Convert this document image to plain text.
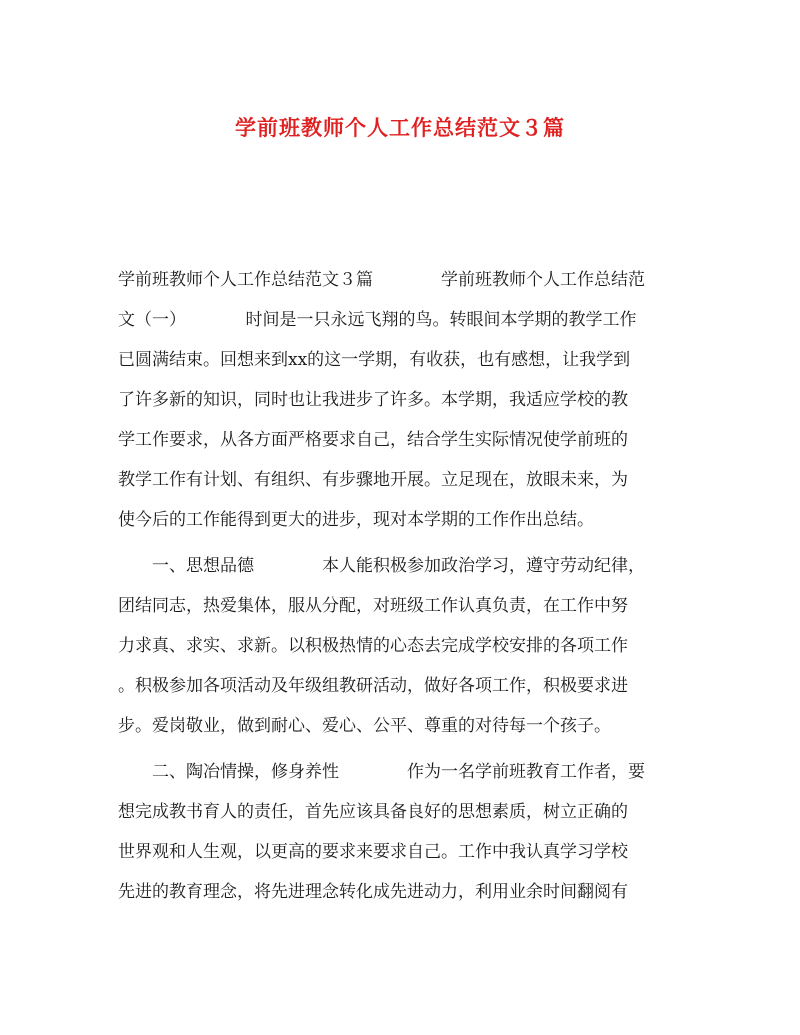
学前班教师个人工作总结范文３篇
学前班教师个人工作总结范文３篇　　　　学前班教师个人工作总结范
文（一）　　　　时间是一只永远飞翔的鸟。转眼间本学期的教学工作
已圆满结束。回想来到xx的这一学期，有收获，也有感想，让我学到
了许多新的知识，同时也让我进步了许多。本学期，我适应学校的教
学工作要求，从各方面严格要求自己，结合学生实际情况使学前班的
教学工作有计划、有组织、有步骤地开展。立足现在，放眼未来，为
使今后的工作能得到更大的进步，现对本学期的工作作出总结。
　　一、思想品德　　　　本人能积极参加政治学习，遵守劳动纪律，
团结同志，热爱集体，服从分配，对班级工作认真负责，在工作中努
力求真、求实、求新。以积极热情的心态去完成学校安排的各项工作
。积极参加各项活动及年级组教研活动，做好各项工作，积极要求进
步。爱岗敬业，做到耐心、爱心、公平、尊重的对待每一个孩子。
　　二、陶冶情操，修身养性　　　　作为一名学前班教育工作者，要
想完成教书育人的责任，首先应该具备良好的思想素质，树立正确的
世界观和人生观，以更高的要求来要求自己。工作中我认真学习学校
先进的教育理念，将先进理念转化成先进动力，利用业余时间翻阅有
